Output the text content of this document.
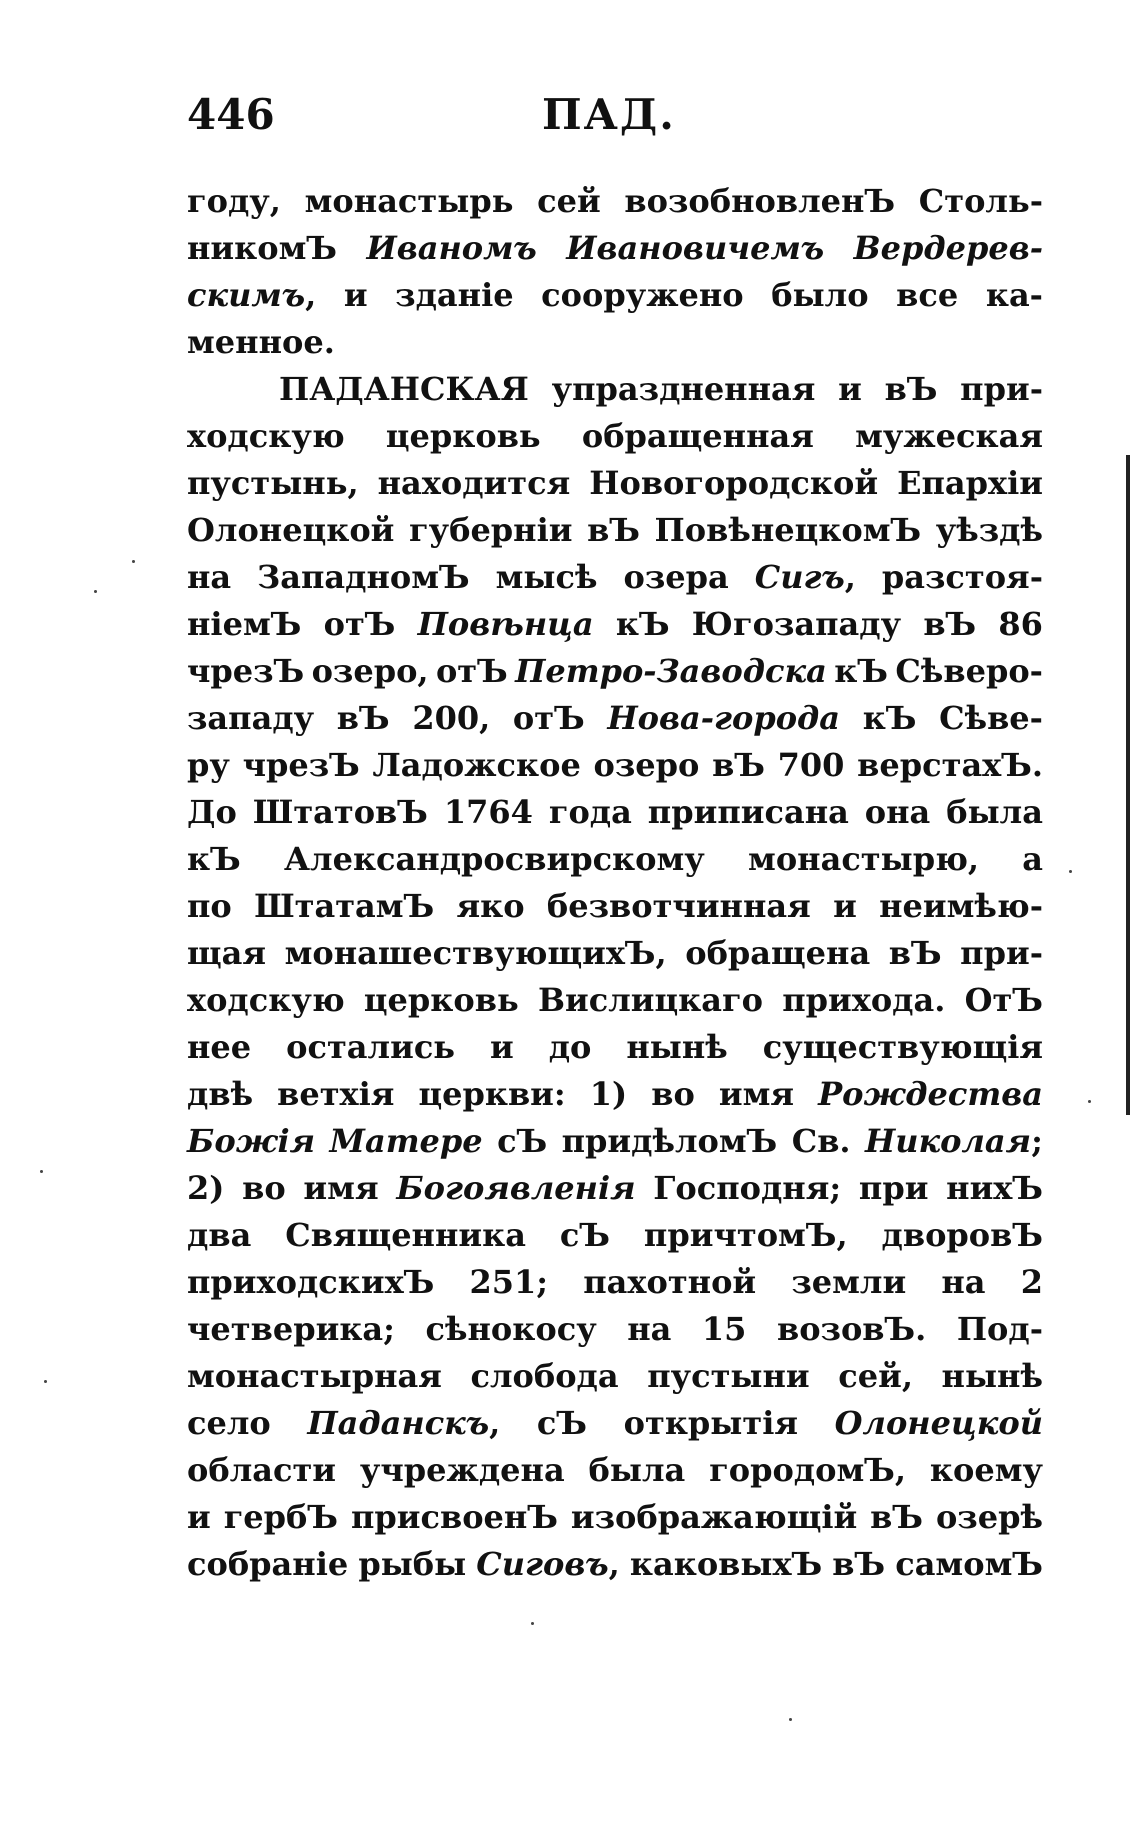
446	ПАД.
году, монастырь сей возобновленЪ Столь-
никомЪ Иваномъ Ивановичемъ Вердерев-
скимъ, и зданіе сооружено было все ка-
менное.
ПАДАНСКАЯ упраздненная и вЪ при-
ходскую церковь обращенная мужеская
пустынь, находится Новогородской Епархіи
Олонецкой губерніи вЪ ПовѣнецкомЪ уѣздѣ
на ЗападномЪ мысѣ озера Сигъ, разстоя-
ніемЪ отЪ Повѣнца кЪ Югозападу вЪ 86
чрезЪ озеро, отЪ Петро-Заводска кЪ Сѣверо-
западу вЪ 200, отЪ Нова-города кЪ Сѣве-
ру чрезЪ Ладожское озеро вЪ 700 верстахЪ.
До ШтатовЪ 1764 года приписана она была
кЪ Александросвирскому монастырю, а
по ШтатамЪ яко безвотчинная и неимѣю-
щая монашествующихЪ, обращена вЪ при-
ходскую церковь Вислицкаго прихода. ОтЪ
нее остались и до нынѣ существующія
двѣ ветхія церкви: 1) во имя Рождества
Божія Матере сЪ придѣломЪ Св. Николая;
2) во имя Богоявленія Господня; при нихЪ
два Священника сЪ причтомЪ, дворовЪ
приходскихЪ 251; пахотной земли на 2
четверика; сѣнокосу на 15 возовЪ. Под-
монастырная слобода пустыни сей, нынѣ
село Паданскъ, сЪ открытія Олонецкой
области учреждена была городомЪ, коему
и гербЪ присвоенЪ изображающій вЪ озерѣ
собраніе рыбы Сиговъ, каковыхЪ вЪ самомЪ
